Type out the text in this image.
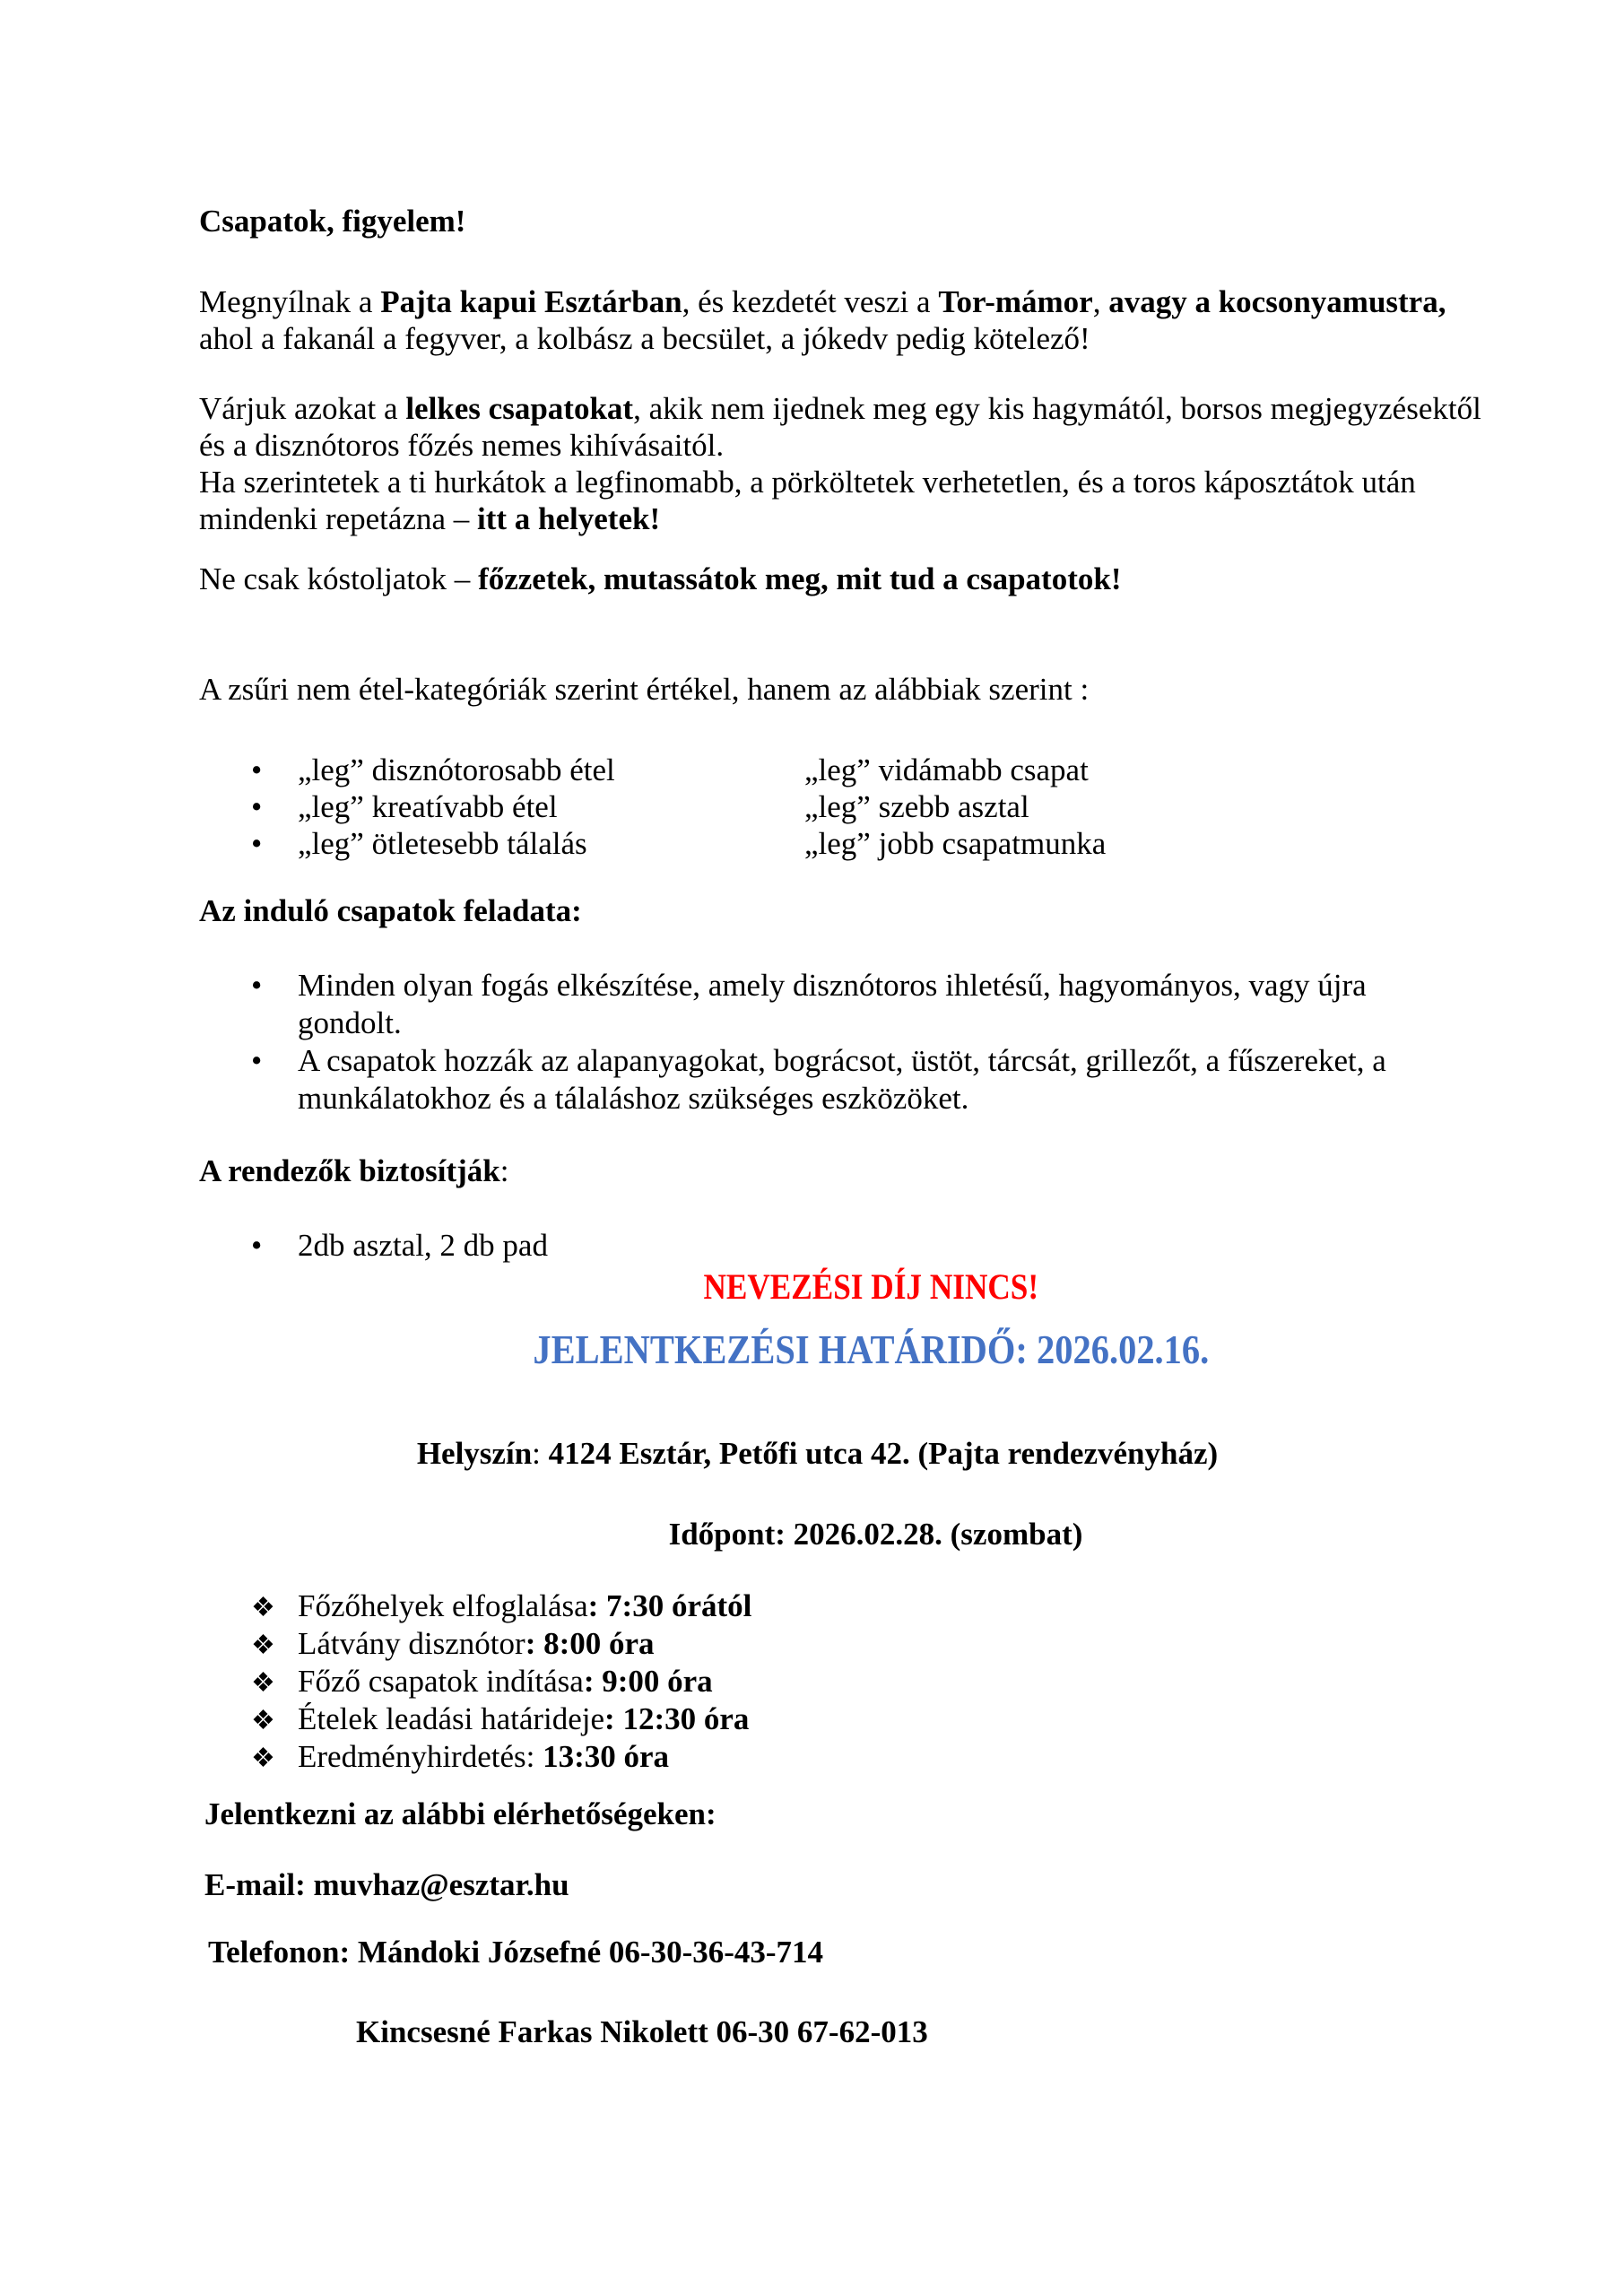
Csapatok, figyelem!

Megnyílnak a Pajta kapui Esztárban, és kezdetét veszi a Tor-mámor, avagy a kocsonyamustra,
ahol a fakanál a fegyver, a kolbász a becsület, a jókedv pedig kötelező!

Várjuk azokat a lelkes csapatokat, akik nem ijednek meg egy kis hagymától, borsos megjegyzésektől
és a disznótoros főzés nemes kihívásaitól.

Ha szerintetek a ti hurkátok a legfinomabb, a pörköltetek verhetetlen, és a toros káposztátok után
mindenki repetázna – itt a helyetek!

Ne csak kóstoljatok – főzzetek, mutassátok meg, mit tud a csapatotok!

A zsűri nem étel-kategóriák szerint értékel, hanem az alábbiak szerint :

• „leg” disznótorosabb étel	„leg” vidámabb csapat
• „leg” kreatívabb étel	„leg” szebb asztal
• „leg” ötletesebb tálalás	„leg” jobb csapatmunka

Az induló csapatok feladata:

• Minden olyan fogás elkészítése, amely disznótoros ihletésű, hagyományos, vagy újra
gondolt.
• A csapatok hozzák az alapanyagokat, bográcsot, üstöt, tárcsát, grillezőt, a fűszereket, a
munkálatokhoz és a tálaláshoz szükséges eszközöket.

A rendezők biztosítják:

• 2db asztal, 2 db pad

NEVEZÉSI DÍJ NINCS!

JELENTKEZÉSI HATÁRIDŐ: 2026.02.16.

Helyszín: 4124 Esztár, Petőfi utca 42. (Pajta rendezvényház)

Időpont: 2026.02.28. (szombat)

❖ Főzőhelyek elfoglalása: 7:30 órától
❖ Látvány disznótor: 8:00 óra
❖ Főző csapatok indítása: 9:00 óra
❖ Ételek leadási határideje: 12:30 óra
❖ Eredményhirdetés: 13:30 óra

Jelentkezni az alábbi elérhetőségeken:

E-mail: muvhaz@esztar.hu

Telefonon: Mándoki Józsefné 06-30-36-43-714

Kincsesné Farkas Nikolett 06-30 67-62-013
